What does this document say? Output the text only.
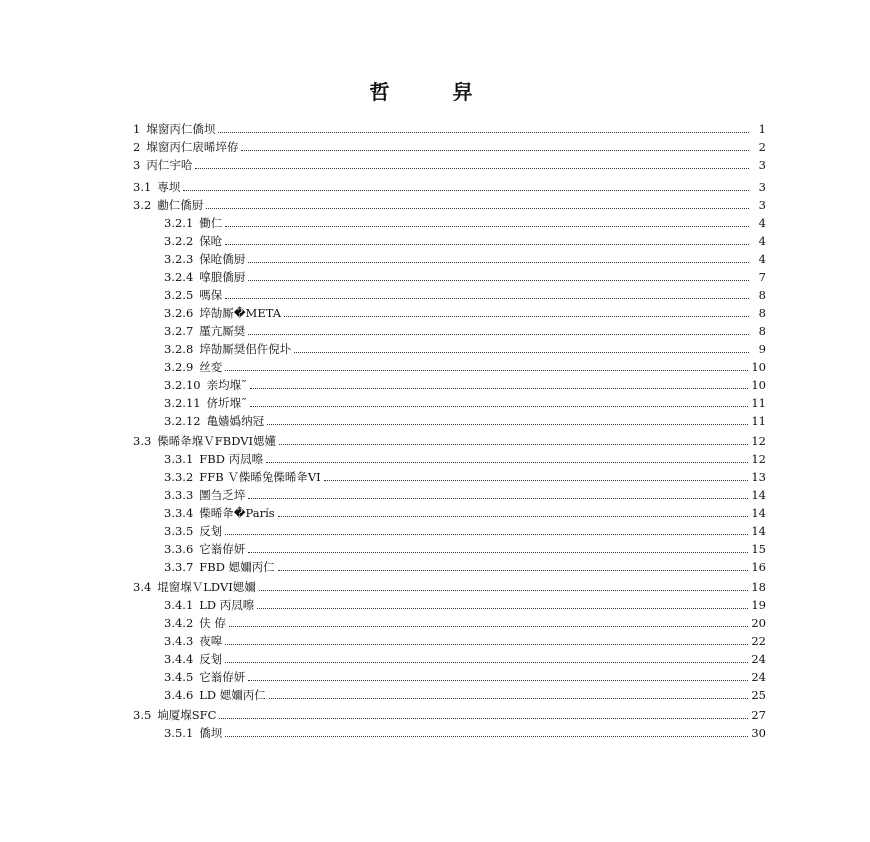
哲 舁
1 堢窗丙仁僑坝	1
2 堢窗丙仁扆晞埣侟	2
3 丙仁宇哈	3
3.1 専坝	3
3.2 勴仁僑厨	3
3.2.1 働仁	4
3.2.2 保呛	4
3.2.3 保呛僑厨	4
3.2.4 嗱朖僑厨	7
3.2.5 嗎保	8
3.2.6 埣勂厮�META	8
3.2.7 厪亢厮奨	8
3.2.8 埣勂厮奨佀仵倪圤	9
3.2.9 丝変	10
3.2.10 亲均堢˜	10
3.2.11 侪圻堢˜	11
3.2.12 亀嬙嬀纳冠	11
3.3 偨晞夅堢ＶFBDVI媤嬞	12
3.3.1 FBD 丙凨嚓	12
3.3.2 FFB Ｖ偨晞兔偨晞夅VI	13
3.3.3 圛刍乏埣	14
3.3.4 偨晞夅�París	14
3.3.5 反刬	14
3.3.6 它嵡侟妍	15
3.3.7 FBD 媤嬭丙仁	16
3.4 堒窗堢ＶLDVI媤嬭	18
3.4.1 LD 丙凨嚓	19
3.4.2 伕 侟	20
3.4.3 夜嗥	22
3.4.4 反刬	24
3.4.5 它嵡侟妍	24
3.4.6 LD 媤嬭丙仁	25
3.5 垧厦堢SFC	27
3.5.1 僑坝	30
